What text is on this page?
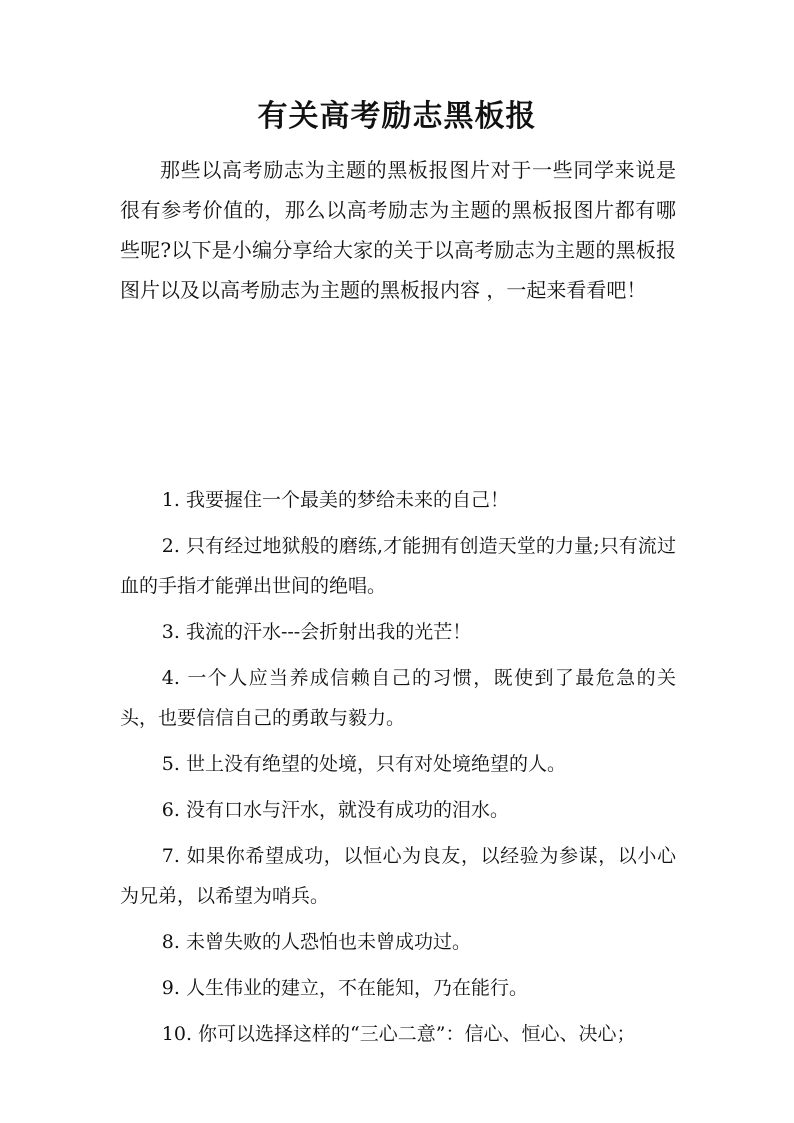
有关高考励志黑板报

那些以高考励志为主题的黑板报图片对于一些同学来说是很有参考价值的，那么以高考励志为主题的黑板报图片都有哪些呢?以下是小编分享给大家的关于以高考励志为主题的黑板报图片以及以高考励志为主题的黑板报内容 ，一起来看看吧！

1. 我要握住一个最美的梦给未来的自己！
2. 只有经过地狱般的磨练,才能拥有创造天堂的力量;只有流过血的手指才能弹出世间的绝唱。
3. 我流的汗水---会折射出我的光芒！
4. 一个人应当养成信赖自己的习惯，既使到了最危急的关头，也要信信自己的勇敢与毅力。
5. 世上没有绝望的处境，只有对处境绝望的人。
6. 没有口水与汗水，就没有成功的泪水。
7. 如果你希望成功，以恒心为良友，以经验为参谋，以小心为兄弟，以希望为哨兵。
8. 未曾失败的人恐怕也未曾成功过。
9. 人生伟业的建立，不在能知，乃在能行。
10. 你可以选择这样的“三心二意”：信心、恒心、决心；
